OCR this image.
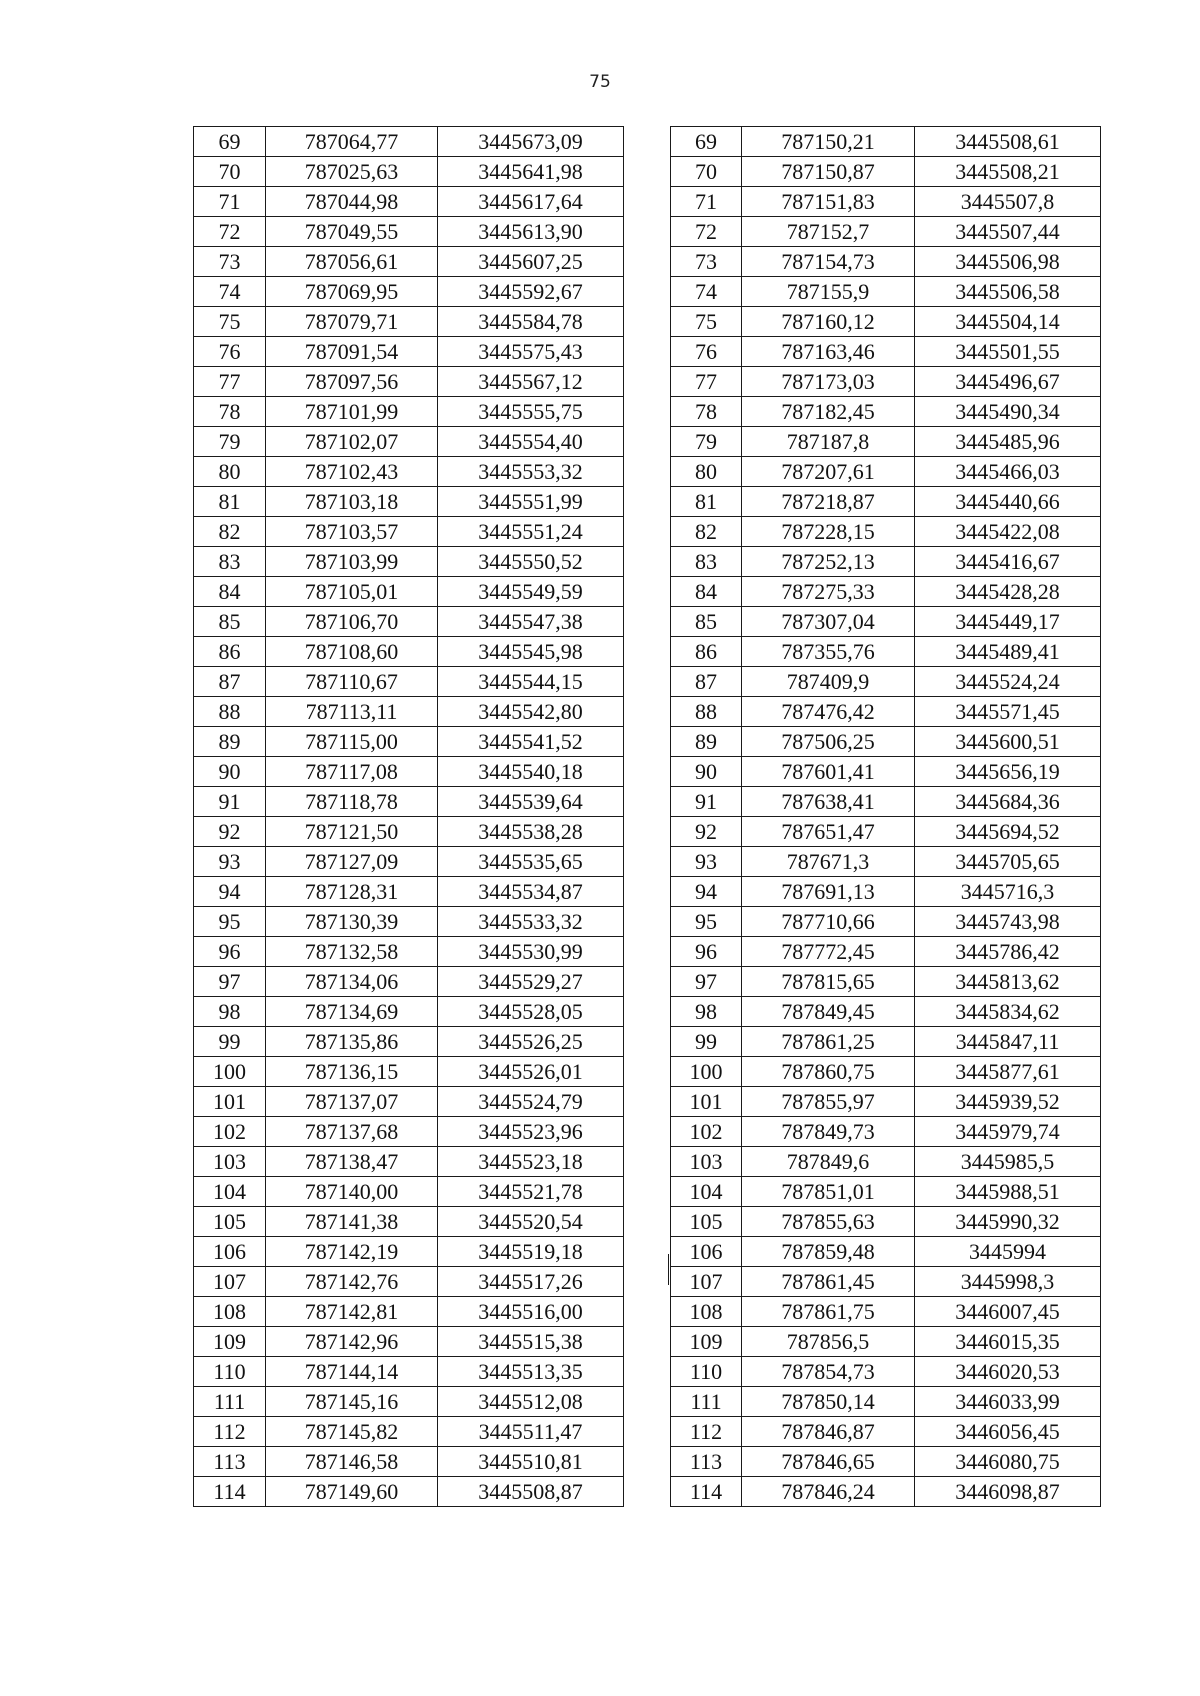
75
69	787064,77	3445673,09
70	787025,63	3445641,98
71	787044,98	3445617,64
72	787049,55	3445613,90
73	787056,61	3445607,25
74	787069,95	3445592,67
75	787079,71	3445584,78
76	787091,54	3445575,43
77	787097,56	3445567,12
78	787101,99	3445555,75
79	787102,07	3445554,40
80	787102,43	3445553,32
81	787103,18	3445551,99
82	787103,57	3445551,24
83	787103,99	3445550,52
84	787105,01	3445549,59
85	787106,70	3445547,38
86	787108,60	3445545,98
87	787110,67	3445544,15
88	787113,11	3445542,80
89	787115,00	3445541,52
90	787117,08	3445540,18
91	787118,78	3445539,64
92	787121,50	3445538,28
93	787127,09	3445535,65
94	787128,31	3445534,87
95	787130,39	3445533,32
96	787132,58	3445530,99
97	787134,06	3445529,27
98	787134,69	3445528,05
99	787135,86	3445526,25
100	787136,15	3445526,01
101	787137,07	3445524,79
102	787137,68	3445523,96
103	787138,47	3445523,18
104	787140,00	3445521,78
105	787141,38	3445520,54
106	787142,19	3445519,18
107	787142,76	3445517,26
108	787142,81	3445516,00
109	787142,96	3445515,38
110	787144,14	3445513,35
111	787145,16	3445512,08
112	787145,82	3445511,47
113	787146,58	3445510,81
114	787149,60	3445508,87
69	787150,21	3445508,61
70	787150,87	3445508,21
71	787151,83	3445507,8
72	787152,7	3445507,44
73	787154,73	3445506,98
74	787155,9	3445506,58
75	787160,12	3445504,14
76	787163,46	3445501,55
77	787173,03	3445496,67
78	787182,45	3445490,34
79	787187,8	3445485,96
80	787207,61	3445466,03
81	787218,87	3445440,66
82	787228,15	3445422,08
83	787252,13	3445416,67
84	787275,33	3445428,28
85	787307,04	3445449,17
86	787355,76	3445489,41
87	787409,9	3445524,24
88	787476,42	3445571,45
89	787506,25	3445600,51
90	787601,41	3445656,19
91	787638,41	3445684,36
92	787651,47	3445694,52
93	787671,3	3445705,65
94	787691,13	3445716,3
95	787710,66	3445743,98
96	787772,45	3445786,42
97	787815,65	3445813,62
98	787849,45	3445834,62
99	787861,25	3445847,11
100	787860,75	3445877,61
101	787855,97	3445939,52
102	787849,73	3445979,74
103	787849,6	3445985,5
104	787851,01	3445988,51
105	787855,63	3445990,32
106	787859,48	3445994
107	787861,45	3445998,3
108	787861,75	3446007,45
109	787856,5	3446015,35
110	787854,73	3446020,53
111	787850,14	3446033,99
112	787846,87	3446056,45
113	787846,65	3446080,75
114	787846,24	3446098,87
